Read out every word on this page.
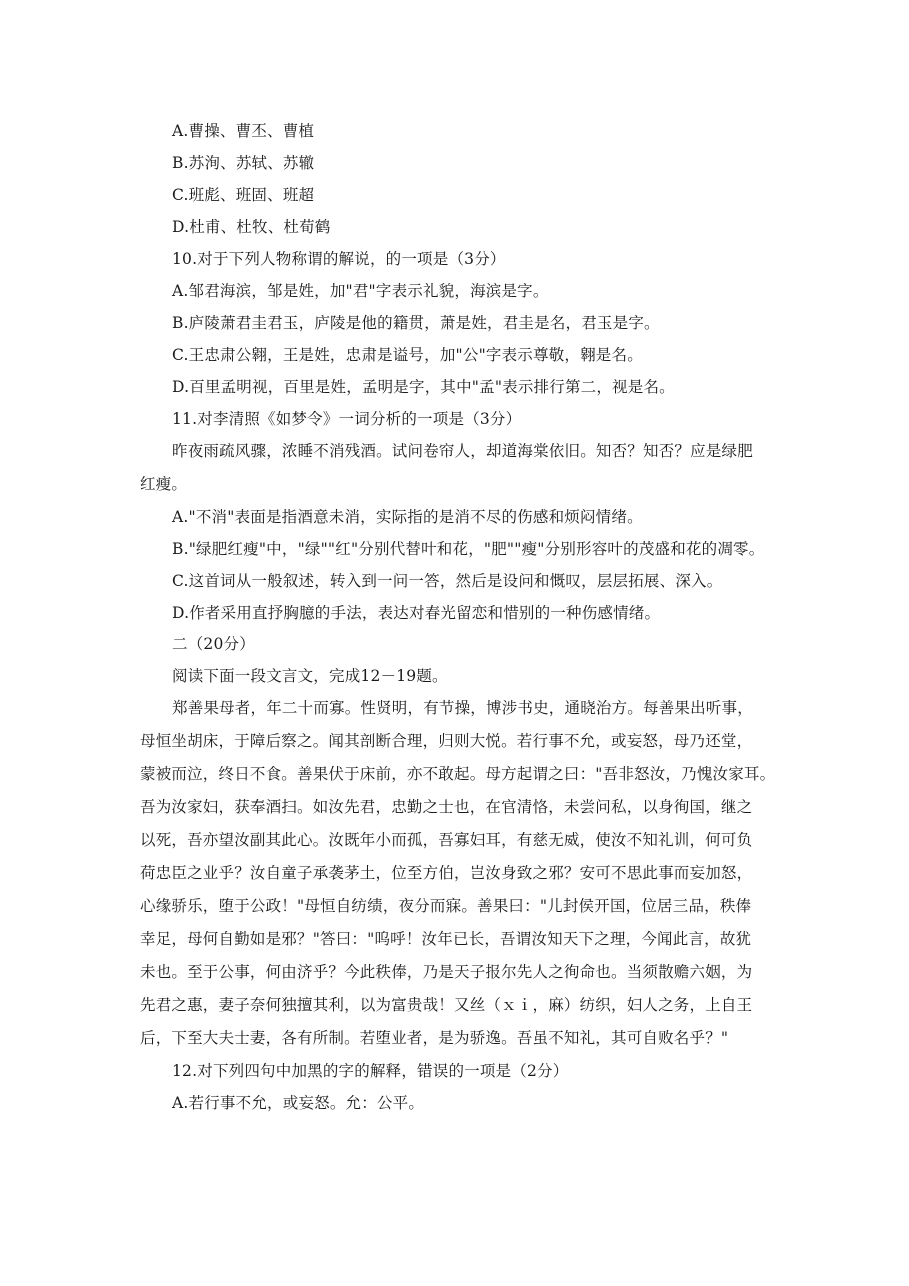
A.曹操、曹丕、曹植
B.苏洵、苏轼、苏辙
C.班彪、班固、班超
D.杜甫、杜牧、杜荀鹤
10.对于下列人物称谓的解说，的一项是（3分）
A.邹君海滨，邹是姓，加"君"字表示礼貌，海滨是字。
B.庐陵萧君圭君玉，庐陵是他的籍贯，萧是姓，君圭是名，君玉是字。
C.王忠肃公翱，王是姓，忠肃是谥号，加"公"字表示尊敬，翱是名。
D.百里孟明视，百里是姓，孟明是字，其中"孟"表示排行第二，视是名。
11.对李清照《如梦令》一词分析的一项是（3分）
昨夜雨疏风骤，浓睡不消残酒。试问卷帘人，却道海棠依旧。知否？知否？应是绿肥
红瘦。
A."不消"表面是指酒意未消，实际指的是消不尽的伤感和烦闷情绪。
B."绿肥红瘦"中，"绿""红"分别代替叶和花，"肥""瘦"分别形容叶的茂盛和花的凋零。
C.这首词从一般叙述，转入到一问一答，然后是设问和慨叹，层层拓展、深入。
D.作者采用直抒胸臆的手法，表达对春光留恋和惜别的一种伤感情绪。
二（20分）
阅读下面一段文言文，完成12－19题。
郑善果母者，年二十而寡。性贤明，有节操，博涉书史，通晓治方。每善果出听事，
母恒坐胡床，于障后察之。闻其剖断合理，归则大悦。若行事不允，或妄怒，母乃还堂，
蒙被而泣，终日不食。善果伏于床前，亦不敢起。母方起谓之曰："吾非怒汝，乃愧汝家耳。
吾为汝家妇，获奉酒扫。如汝先君，忠勤之士也，在官清恪，未尝问私，以身徇国，继之
以死，吾亦望汝副其此心。汝既年小而孤，吾寡妇耳，有慈无威，使汝不知礼训，何可负
荷忠臣之业乎？汝自童子承袭茅土，位至方伯，岂汝身致之邪？安可不思此事而妄加怒，
心缘骄乐，堕于公政！"母恒自纺绩，夜分而寐。善果曰："儿封侯开国，位居三品，秩俸
幸足，母何自勤如是邪？"答曰："呜呼！汝年已长，吾谓汝知天下之理，今闻此言，故犹
未也。至于公事，何由济乎？今此秩俸，乃是天子报尔先人之徇命也。当须散赡六姻，为
先君之惠，妻子奈何独擅其利，以为富贵哉！又丝（ｘｉ，麻）纺织，妇人之务，上自王
后，下至大夫士妻，各有所制。若堕业者，是为骄逸。吾虽不知礼，其可自败名乎？"
12.对下列四句中加黑的字的解释，错误的一项是（2分）
A.若行事不允，或妄怒。允：公平。
